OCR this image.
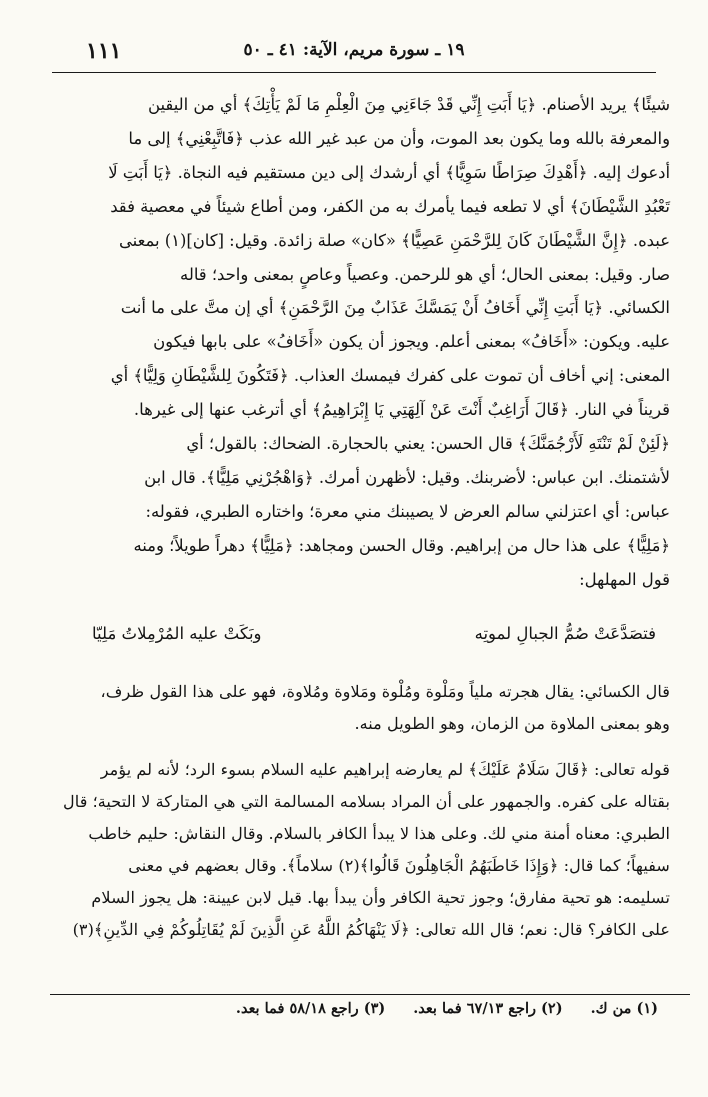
١١١	١٩ ـ سورة مريم، الآية: ٤١ ـ ٥٠

شيئًا﴾ يريد الأصنام. ﴿يَا أَبَتِ إِنِّي قَدْ جَاءَنِي مِنَ الْعِلْمِ مَا لَمْ يَأْتِكَ﴾ أي من اليقين

والمعرفة بالله وما يكون بعد الموت، وأن من عبد غير الله عذب ﴿فَاتَّبِعْنِي﴾ إلى ما

أدعوك إليه. ﴿أَهْدِكَ صِرَاطًا سَوِيًّا﴾ أي أرشدك إلى دين مستقيم فيه النجاة. ﴿يَا أَبَتِ لَا

تَعْبُدِ الشَّيْطَانَ﴾ أي لا تطعه فيما يأمرك به من الكفر، ومن أطاع شيئاً في معصية فقد

عبده. ﴿إِنَّ الشَّيْطَانَ كَانَ لِلرَّحْمَنِ عَصِيًّا﴾ «كان» صلة زائدة. وقيل: [كان](١) بمعنى

صار. وقيل: بمعنى الحال؛ أي هو للرحمن. وعصياً وعاصٍ بمعنى واحد؛ قاله

الكسائي. ﴿يَا أَبَتِ إِنِّي أَخَافُ أَنْ يَمَسَّكَ عَذَابٌ مِنَ الرَّحْمَنِ﴾ أي إن متَّ على ما أنت

عليه. ويكون: «أَخَافُ» بمعنى أعلم. ويجوز أن يكون «أَخَافُ» على بابها فيكون

المعنى: إني أخاف أن تموت على كفرك فيمسك العذاب. ﴿فَتَكُونَ لِلشَّيْطَانِ وَلِيًّا﴾ أي

قريناً في النار. ﴿قَالَ أَرَاغِبٌ أَنْتَ عَنْ آلِهَتِي يَا إِبْرَاهِيمُ﴾ أي أترغب عنها إلى غيرها.

﴿لَئِنْ لَمْ تَنْتَهِ لَأَرْجُمَنَّكَ﴾ قال الحسن: يعني بالحجارة. الضحاك: بالقول؛ أي

لأشتمنك. ابن عباس: لأضربنك. وقيل: لأظهرن أمرك. ﴿وَاهْجُرْنِي مَلِيًّا﴾. قال ابن

عباس: أي اعتزلني سالم العرض لا يصيبنك مني معرة؛ واختاره الطبري، فقوله:

﴿مَلِيًّا﴾ على هذا حال من إبراهيم. وقال الحسن ومجاهد: ﴿مَلِيًّا﴾ دهراً طويلاً؛ ومنه

قول المهلهل:

فتصَدَّعَتْ صُمُّ الجبالِ لموتِه
وبَكَتْ عليه المُرْمِلاتُ مَلِيّا

قال الكسائي: يقال هجرته ملياً ومَلْوة ومُلْوة ومَلاوة ومُلاوة، فهو على هذا القول ظرف،

وهو بمعنى الملاوة من الزمان، وهو الطويل منه.

قوله تعالى: ﴿قَالَ سَلَامٌ عَلَيْكَ﴾ لم يعارضه إبراهيم عليه السلام بسوء الرد؛ لأنه لم يؤمر

بقتاله على كفره. والجمهور على أن المراد بسلامه المسالمة التي هي المتاركة لا التحية؛ قال

الطبري: معناه أمنة مني لك. وعلى هذا لا يبدأ الكافر بالسلام. وقال النقاش: حليم خاطب

سفيهاً؛ كما قال: ﴿وَإِذَا خَاطَبَهُمُ الْجَاهِلُونَ قَالُوا﴾(٢) سلاماً﴾. وقال بعضهم في معنى

تسليمه: هو تحية مفارق؛ وجوز تحية الكافر وأن يبدأ بها. قيل لابن عيينة: هل يجوز السلام

على الكافر؟ قال: نعم؛ قال الله تعالى: ﴿لَا يَنْهَاكُمُ اللَّهُ عَنِ الَّذِينَ لَمْ يُقَاتِلُوكُمْ فِي الدِّينِ﴾(٣)

(١) من ك.
(٢) راجع ٦٧/١٣ فما بعد.
(٣) راجع ٥٨/١٨ فما بعد.
